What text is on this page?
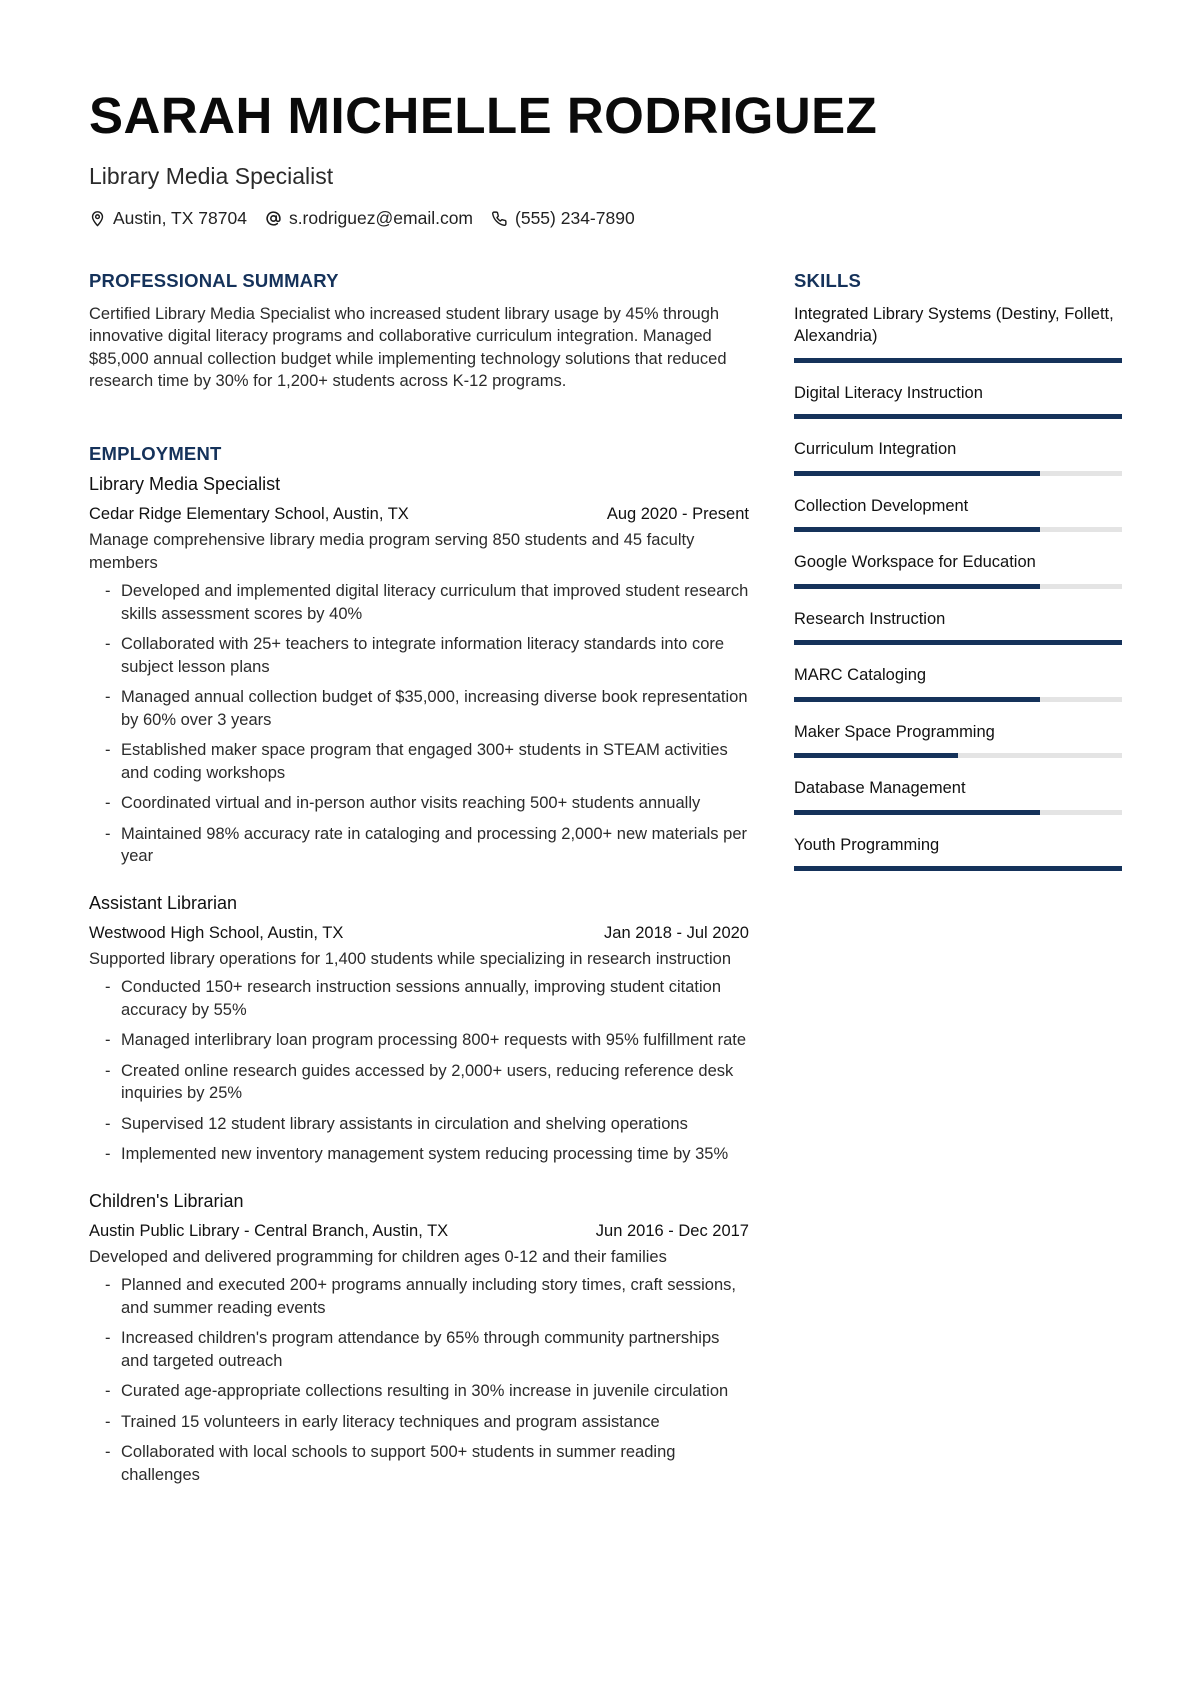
SARAH MICHELLE RODRIGUEZ
Library Media Specialist
Austin, TX 78704 s.rodriguez@email.com (555) 234-7890
PROFESSIONAL SUMMARY

Certified Library Media Specialist who increased student library usage by 45% through innovative digital literacy programs and collaborative curriculum integration. Managed $85,000 annual collection budget while implementing technology solutions that reduced research time by 30% for 1,200+ students across K-12 programs.

EMPLOYMENT
Library Media Specialist
Cedar Ridge Elementary School, Austin, TX	Aug 2020 - Present
Manage comprehensive library media program serving 850 students and 45 faculty members
- Developed and implemented digital literacy curriculum that improved student research skills assessment scores by 40%
- Collaborated with 25+ teachers to integrate information literacy standards into core subject lesson plans
- Managed annual collection budget of $35,000, increasing diverse book representation by 60% over 3 years
- Established maker space program that engaged 300+ students in STEAM activities and coding workshops
- Coordinated virtual and in-person author visits reaching 500+ students annually
- Maintained 98% accuracy rate in cataloging and processing 2,000+ new materials per year
Assistant Librarian
Westwood High School, Austin, TX	Jan 2018 - Jul 2020
Supported library operations for 1,400 students while specializing in research instruction
- Conducted 150+ research instruction sessions annually, improving student citation accuracy by 55%
- Managed interlibrary loan program processing 800+ requests with 95% fulfillment rate
- Created online research guides accessed by 2,000+ users, reducing reference desk inquiries by 25%
- Supervised 12 student library assistants in circulation and shelving operations
- Implemented new inventory management system reducing processing time by 35%
Children's Librarian
Austin Public Library - Central Branch, Austin, TX	Jun 2016 - Dec 2017
Developed and delivered programming for children ages 0-12 and their families
- Planned and executed 200+ programs annually including story times, craft sessions, and summer reading events
- Increased children's program attendance by 65% through community partnerships and targeted outreach
- Curated age-appropriate collections resulting in 30% increase in juvenile circulation
- Trained 15 volunteers in early literacy techniques and program assistance
- Collaborated with local schools to support 500+ students in summer reading challenges
SKILLS
Integrated Library Systems (Destiny, Follett, Alexandria)
Digital Literacy Instruction
Curriculum Integration
Collection Development
Google Workspace for Education
Research Instruction
MARC Cataloging
Maker Space Programming
Database Management
Youth Programming
